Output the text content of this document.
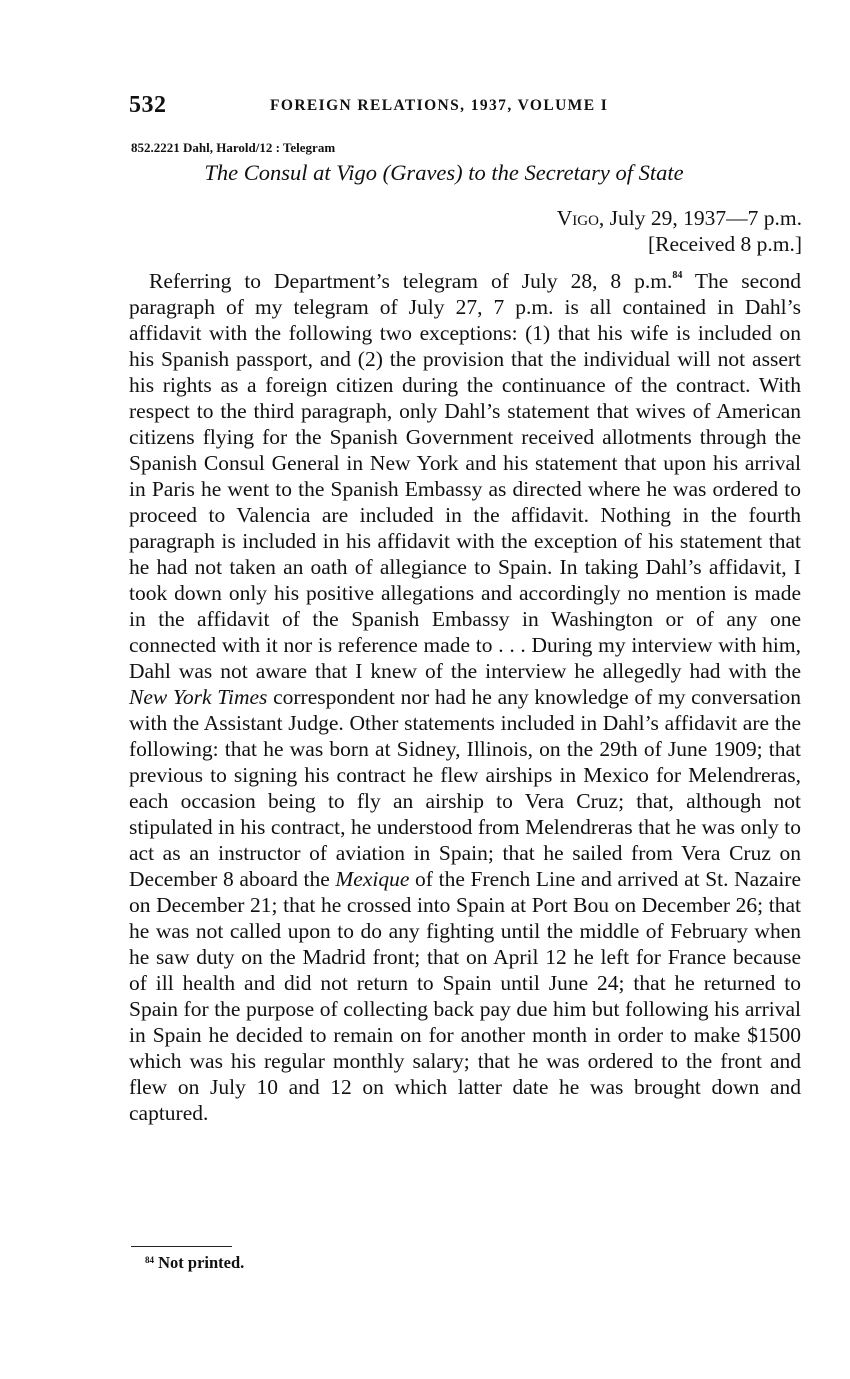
532	FOREIGN RELATIONS, 1937, VOLUME I
852.2221 Dahl, Harold/12 : Telegram
The Consul at Vigo (Graves) to the Secretary of State
Vigo, July 29, 1937—7 p.m.
[Received 8 p.m.]

Referring to Department’s telegram of July 28, 8 p.m.$^{84}$ The second paragraph of my telegram of July 27, 7 p.m. is all contained in Dahl’s affidavit with the following two exceptions: (1) that his wife is included on his Spanish passport, and (2) the provision that the individual will not assert his rights as a foreign citizen during the continuance of the contract. With respect to the third paragraph, only Dahl’s statement that wives of American citizens flying for the Spanish Government received allotments through the Spanish Consul General in New York and his statement that upon his arrival in Paris he went to the Spanish Embassy as directed where he was ordered to proceed to Valencia are included in the affidavit. Nothing in the fourth paragraph is included in his affidavit with the exception of his statement that he had not taken an oath of allegiance to Spain. In taking Dahl’s affidavit, I took down only his positive allegations and accordingly no mention is made in the affidavit of the Spanish Embassy in Washington or of any one connected with it nor is reference made to . . . During my interview with him, Dahl was not aware that I knew of the interview he allegedly had with the New York Times correspondent nor had he any knowledge of my conversation with the Assistant Judge. Other statements included in Dahl’s affidavit are the following: that he was born at Sidney, Illinois, on the 29th of June 1909; that previous to signing his contract he flew airships in Mexico for Melendreras, each occasion being to fly an airship to Vera Cruz; that, although not stipulated in his contract, he understood from Melendreras that he was only to act as an instructor of aviation in Spain; that he sailed from Vera Cruz on December 8 aboard the Mexique of the French Line and arrived at St. Nazaire on December 21; that he crossed into Spain at Port Bou on December 26; that he was not called upon to do any fighting until the middle of February when he saw duty on the Madrid front; that on April 12 he left for France because of ill health and did not return to Spain until June 24; that he returned to Spain for the purpose of collecting back pay due him but following his arrival in Spain he decided to remain on for another month in order to make $1500 which was his regular monthly salary; that he was ordered to the front and flew on July 10 and 12 on which latter date he was brought down and captured.

$^{84}$ Not printed.
